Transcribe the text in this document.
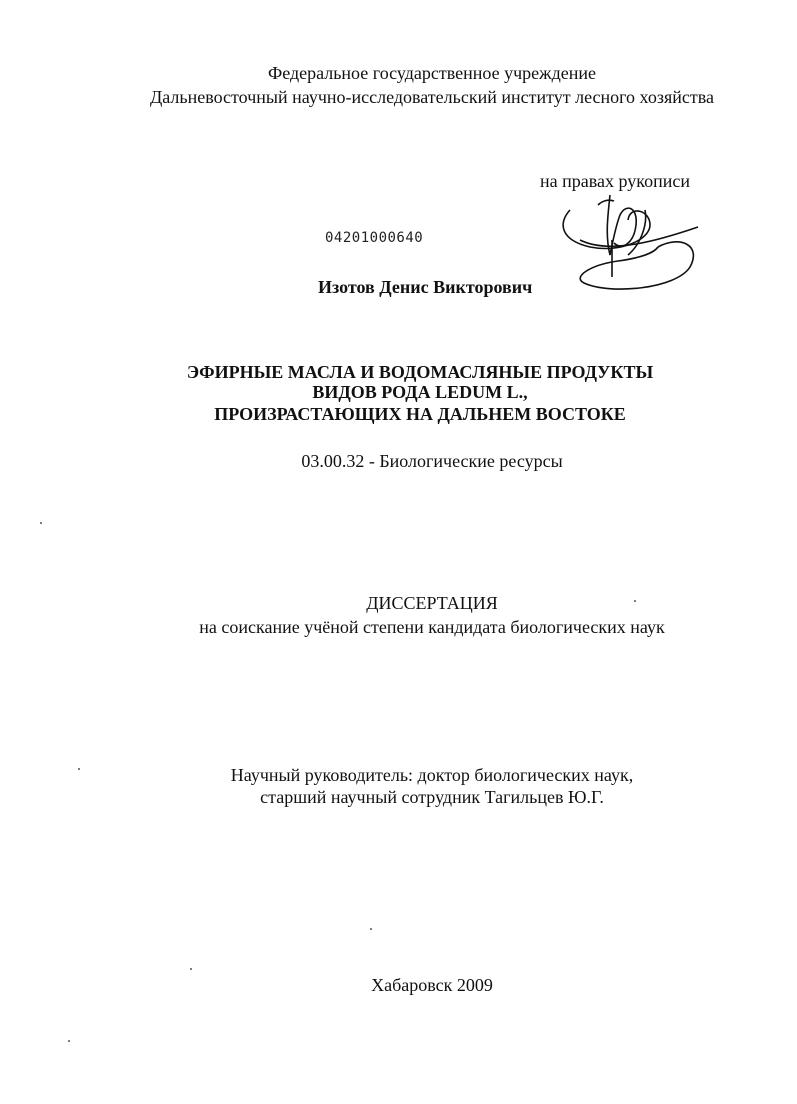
Федеральное государственное учреждение
Дальневосточный научно-исследовательский институт лесного хозяйства
на правах рукописи
04201000640
Изотов Денис Викторович
ЭФИРНЫЕ МАСЛА И ВОДОМАСЛЯНЫЕ ПРОДУКТЫ
ВИДОВ РОДА LEDUM L.,
ПРОИЗРАСТАЮЩИХ НА ДАЛЬНЕМ ВОСТОКЕ
03.00.32 - Биологические ресурсы
ДИССЕРТАЦИЯ
на соискание учёной степени кандидата биологических наук
Научный руководитель: доктор биологических наук,
старший научный сотрудник Тагильцев Ю.Г.
Хабаровск 2009
